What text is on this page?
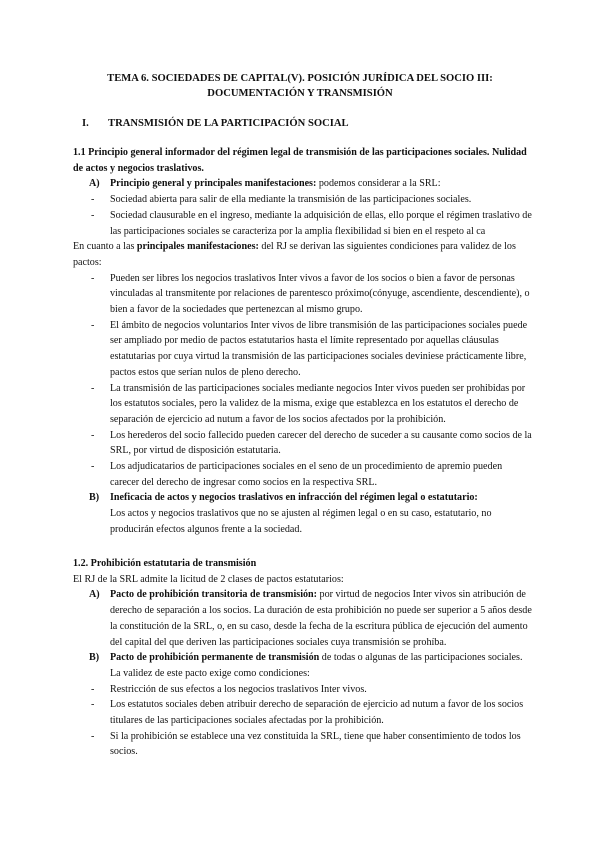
TEMA 6. SOCIEDADES DE CAPITAL(V). POSICIÓN JURÍDICA DEL SOCIO III:
DOCUMENTACIÓN Y TRANSMISIÓN
I. TRANSMISIÓN DE LA PARTICIPACIÓN SOCIAL
1.1 Principio general informador del régimen legal de transmisión de las participaciones sociales. Nulidad de actos y negocios traslativos.
A) Principio general y principales manifestaciones: podemos considerar a la SRL:
- Sociedad abierta para salir de ella mediante la transmisión de las participaciones sociales.
- Sociedad clausurable en el ingreso, mediante la adquisición de ellas, ello porque el régimen traslativo de las participaciones sociales se caracteriza por la amplia flexibilidad si bien en el respeto al ca
En cuanto a las principales manifestaciones: del RJ se derivan las siguientes condiciones para validez de los pactos:
- Pueden ser libres los negocios traslativos Inter vivos a favor de los socios o bien a favor de personas vinculadas al transmitente por relaciones de parentesco próximo(cónyuge, ascendiente, descendiente), o bien a favor de la sociedades que pertenezcan al mismo grupo.
- El ámbito de negocios voluntarios Inter vivos de libre transmisión de las participaciones sociales puede ser ampliado por medio de pactos estatutarios hasta el límite representado por aquellas cláusulas estatutarias por cuya virtud la transmisión de las participaciones sociales deviniese prácticamente libre, pactos estos que serían nulos de pleno derecho.
- La transmisión de las participaciones sociales mediante negocios Inter vivos pueden ser prohibidas por los estatutos sociales, pero la validez de la misma, exige que establezca en los estatutos el derecho de separación de ejercicio ad nutum a favor de los socios afectados por la prohibición.
- Los herederos del socio fallecido pueden carecer del derecho de suceder a su causante como socios de la SRL, por virtud de disposición estatutaria.
- Los adjudicatarios de participaciones sociales en el seno de un procedimiento de apremio pueden carecer del derecho de ingresar como socios en la respectiva SRL.
B) Ineficacia de actos y negocios traslativos en infracción del régimen legal o estatutario:
Los actos y negocios traslativos que no se ajusten al régimen legal o en su caso, estatutario, no producirán efectos algunos frente a la sociedad.
1.2. Prohibición estatutaria de transmisión
El RJ de la SRL admite la licitud de 2 clases de pactos estatutarios:
A) Pacto de prohibición transitoria de transmisión: por virtud de negocios Inter vivos sin atribución de derecho de separación a los socios. La duración de esta prohibición no puede ser superior a 5 años desde la constitución de la SRL, o, en su caso, desde la fecha de la escritura pública de ejecución del aumento del capital del que deriven las participaciones sociales cuya transmisión se prohíba.
B) Pacto de prohibición permanente de transmisión de todas o algunas de las participaciones sociales. La validez de este pacto exige como condiciones:
- Restricción de sus efectos a los negocios traslativos Inter vivos.
- Los estatutos sociales deben atribuir derecho de separación de ejercicio ad nutum a favor de los socios titulares de las participaciones sociales afectadas por la prohibición.
- Si la prohibición se establece una vez constituida la SRL, tiene que haber consentimiento de todos los socios.
